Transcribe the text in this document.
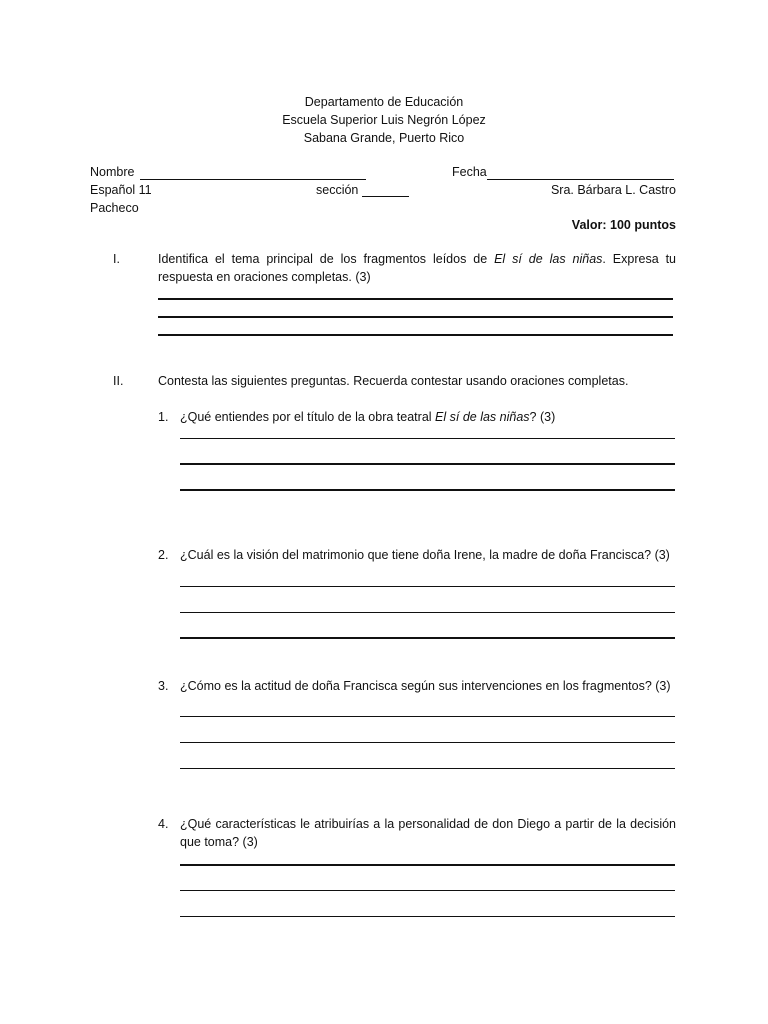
Departamento de Educación
Escuela Superior Luis Negrón López
Sabana Grande, Puerto Rico
Nombre	Fecha
Español 11	sección	Sra. Bárbara L. Castro
Pacheco
Valor: 100 puntos
I.	Identifica el tema principal de los fragmentos leídos de El sí de las niñas. Expresa tu
respuesta en oraciones completas. (3)
II.	Contesta las siguientes preguntas. Recuerda contestar usando oraciones completas.
1. ¿Qué entiendes por el título de la obra teatral El sí de las niñas? (3)
2. ¿Cuál es la visión del matrimonio que tiene doña Irene, la madre de doña Francisca? (3)
3. ¿Cómo es la actitud de doña Francisca según sus intervenciones en los fragmentos? (3)
4. ¿Qué características le atribuirías a la personalidad de don Diego a partir de la decisión
que toma? (3)
